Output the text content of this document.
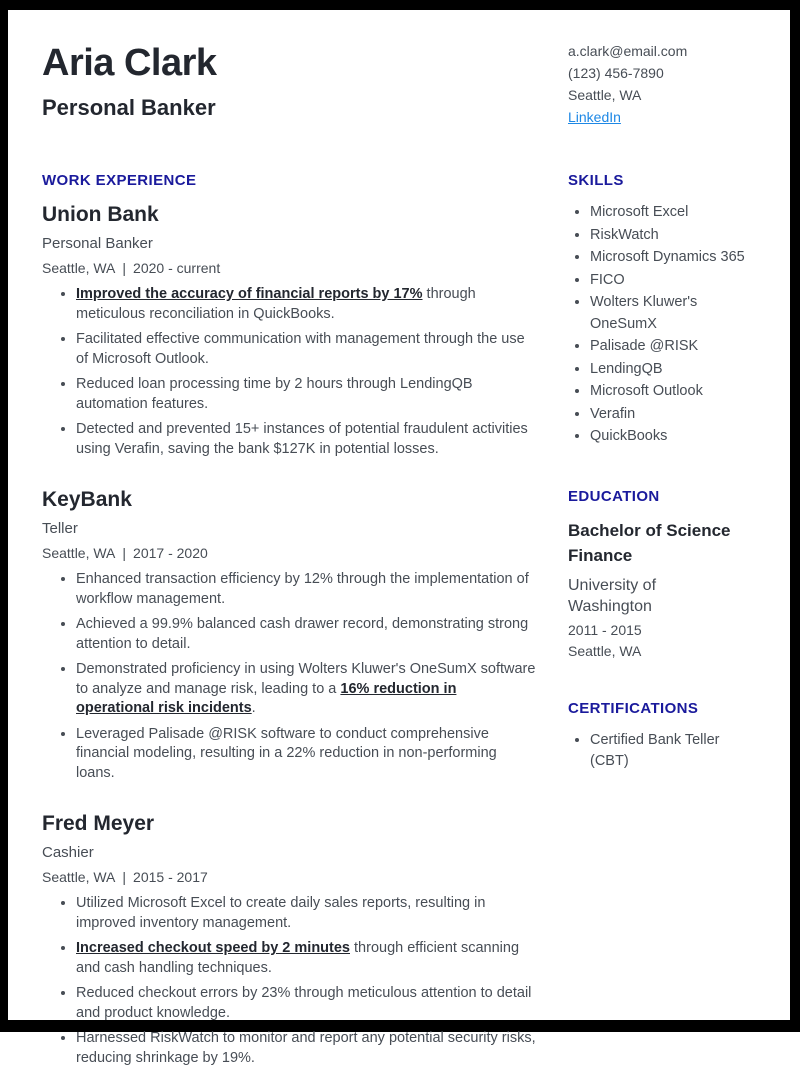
Aria Clark
Personal Banker
WORK EXPERIENCE
Union Bank
Personal Banker
Seattle, WA | 2020 - current
• Improved the accuracy of financial reports by 17% through meticulous reconciliation in QuickBooks.
• Facilitated effective communication with management through the use of Microsoft Outlook.
• Reduced loan processing time by 2 hours through LendingQB automation features.
• Detected and prevented 15+ instances of potential fraudulent activities using Verafin, saving the bank $127K in potential losses.
KeyBank
Teller
Seattle, WA | 2017 - 2020
• Enhanced transaction efficiency by 12% through the implementation of workflow management.
• Achieved a 99.9% balanced cash drawer record, demonstrating strong attention to detail.
• Demonstrated proficiency in using Wolters Kluwer's OneSumX software to analyze and manage risk, leading to a 16% reduction in operational risk incidents.
• Leveraged Palisade @RISK software to conduct comprehensive financial modeling, resulting in a 22% reduction in non-performing loans.
Fred Meyer
Cashier
Seattle, WA | 2015 - 2017
• Utilized Microsoft Excel to create daily sales reports, resulting in improved inventory management.
• Increased checkout speed by 2 minutes through efficient scanning and cash handling techniques.
• Reduced checkout errors by 23% through meticulous attention to detail and product knowledge.
• Harnessed RiskWatch to monitor and report any potential security risks, reducing shrinkage by 19%.
a.clark@email.com
(123) 456-7890
Seattle, WA
LinkedIn
SKILLS
• Microsoft Excel
• RiskWatch
• Microsoft Dynamics 365
• FICO
• Wolters Kluwer's OneSumX
• Palisade @RISK
• LendingQB
• Microsoft Outlook
• Verafin
• QuickBooks
EDUCATION
Bachelor of Science
Finance
University of Washington
2011 - 2015
Seattle, WA
CERTIFICATIONS
• Certified Bank Teller (CBT)
